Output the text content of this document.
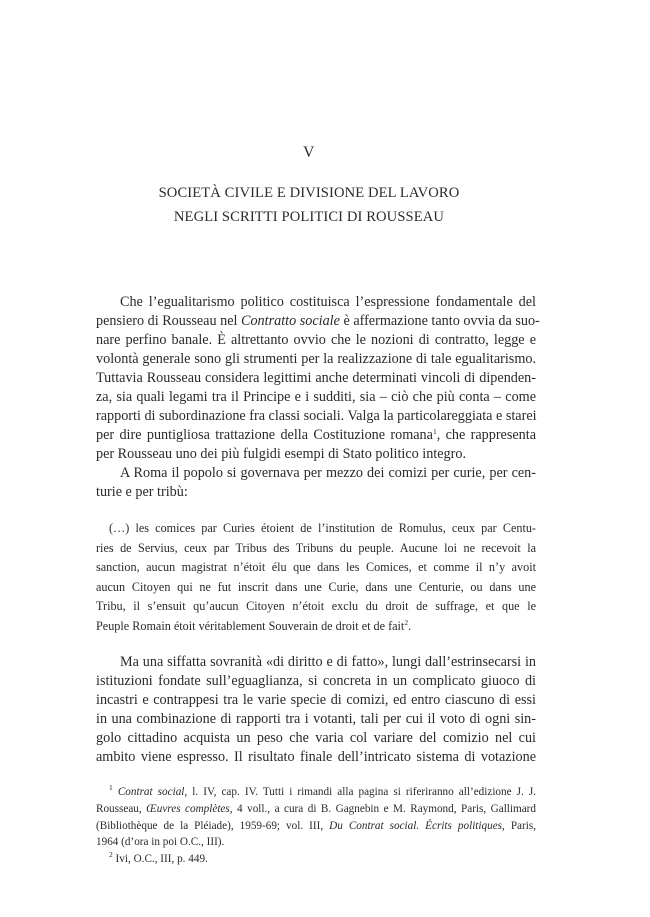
V
SOCIETÀ CIVILE E DIVISIONE DEL LAVORO
NEGLI SCRITTI POLITICI DI ROUSSEAU
Che l’egualitarismo politico costituisca l’espressione fondamentale del
pensiero di Rousseau nel Contratto sociale è affermazione tanto ovvia da suo-
nare perfino banale. È altrettanto ovvio che le nozioni di contratto, legge e
volontà generale sono gli strumenti per la realizzazione di tale egualitarismo.
Tuttavia Rousseau considera legittimi anche determinati vincoli di dipenden-
za, sia quali legami tra il Principe e i sudditi, sia – ciò che più conta – come
rapporti di subordinazione fra classi sociali. Valga la particolareggiata e starei
per dire puntigliosa trattazione della Costituzione romana$^1$, che rappresenta
per Rousseau uno dei più fulgidi esempi di Stato politico integro.
A Roma il popolo si governava per mezzo dei comizi per curie, per cen-
turie e per tribù:
(…) les comices par Curies étoient de l’institution de Romulus, ceux par Centu-
ries de Servius, ceux par Tribus des Tribuns du peuple. Aucune loi ne recevoit la
sanction, aucun magistrat n’étoit élu que dans les Comices, et comme il n’y avoit
aucun Citoyen qui ne fut inscrit dans une Curie, dans une Centurie, ou dans une
Tribu, il s’ensuit qu’aucun Citoyen n’étoit exclu du droit de suffrage, et que le
Peuple Romain étoit véritablement Souverain de droit et de fait$^2$.
Ma una siffatta sovranità «di diritto e di fatto», lungi dall’estrinsecarsi in
istituzioni fondate sull’eguaglianza, si concreta in un complicato giuoco di
incastri e contrappesi tra le varie specie di comizi, ed entro ciascuno di essi
in una combinazione di rapporti tra i votanti, tali per cui il voto di ogni sin-
golo cittadino acquista un peso che varia col variare del comizio nel cui
ambito viene espresso. Il risultato finale dell’intricato sistema di votazione
$^1$ Contrat social, l. IV, cap. IV. Tutti i rimandi alla pagina si riferiranno all’edizione J. J.
Rousseau, Œuvres complètes, 4 voll., a cura di B. Gagnebin e M. Raymond, Paris, Gallimard
(Bibliothèque de la Pléiade), 1959-69; vol. III, Du Contrat social. Écrits politiques, Paris,
1964 (d’ora in poi O.C., III).
$^2$ Ivi, O.C., III, p. 449.
